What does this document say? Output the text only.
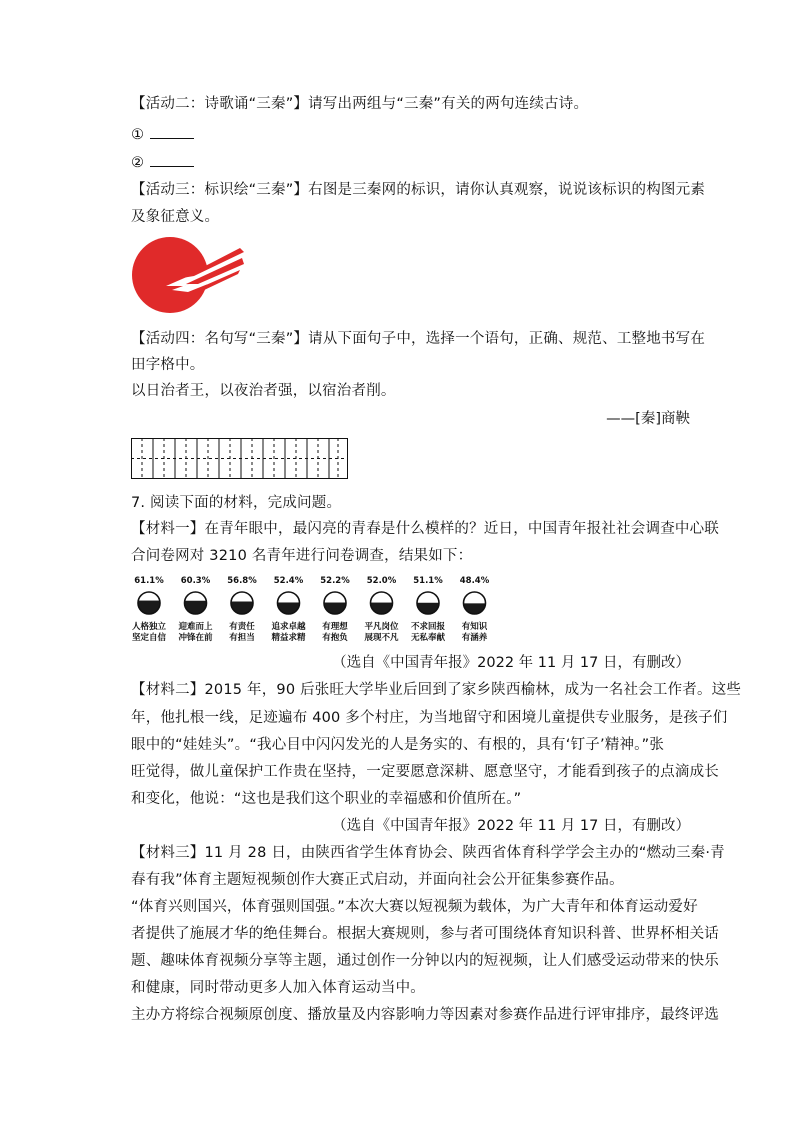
【活动二：诗歌诵“三秦”】请写出两组与“三秦”有关的两句连续古诗。
①
②
【活动三：标识绘“三秦”】右图是三秦网的标识，请你认真观察，说说该标识的构图元素
及象征意义。
【活动四：名句写“三秦”】请从下面句子中，选择一个语句，正确、规范、工整地书写在
田字格中。
以日治者王，以夜治者强，以宿治者削。
——[秦]商鞅
7. 阅读下面的材料，完成问题。
【材料一】在青年眼中，最闪亮的青春是什么模样的？近日，中国青年报社社会调查中心联
合问卷网对 3210 名青年进行问卷调查，结果如下：
61.1%
人格独立
坚定自信
60.3%
迎难而上
冲锋在前
56.8%
有责任
有担当
52.4%
追求卓越
精益求精
52.2%
有理想
有抱负
52.0%
平凡岗位
展现不凡
51.1%
不求回报
无私奉献
48.4%
有知识
有涵养
（选自《中国青年报》2022 年 11 月 17 日，有删改）
【材料二】2015 年，90 后张旺大学毕业后回到了家乡陕西榆林，成为一名社会工作者。这些
年，他扎根一线，足迹遍布 400 多个村庄，为当地留守和困境儿童提供专业服务，是孩子们
眼中的“娃娃头”。“我心目中闪闪发光的人是务实的、有根的，具有‘钉子’精神。”张
旺觉得，做儿童保护工作贵在坚持，一定要愿意深耕、愿意坚守，才能看到孩子的点滴成长
和变化，他说：“这也是我们这个职业的幸福感和价值所在。”
（选自《中国青年报》2022 年 11 月 17 日，有删改）
【材料三】11 月 28 日，由陕西省学生体育协会、陕西省体育科学学会主办的“燃动三秦·青
春有我”体育主题短视频创作大赛正式启动，并面向社会公开征集参赛作品。
“体育兴则国兴，体育强则国强。”本次大赛以短视频为载体，为广大青年和体育运动爱好
者提供了施展才华的绝佳舞台。根据大赛规则，参与者可围绕体育知识科普、世界杯相关话
题、趣味体育视频分享等主题，通过创作一分钟以内的短视频，让人们感受运动带来的快乐
和健康，同时带动更多人加入体育运动当中。
主办方将综合视频原创度、播放量及内容影响力等因素对参赛作品进行评审排序，最终评选
